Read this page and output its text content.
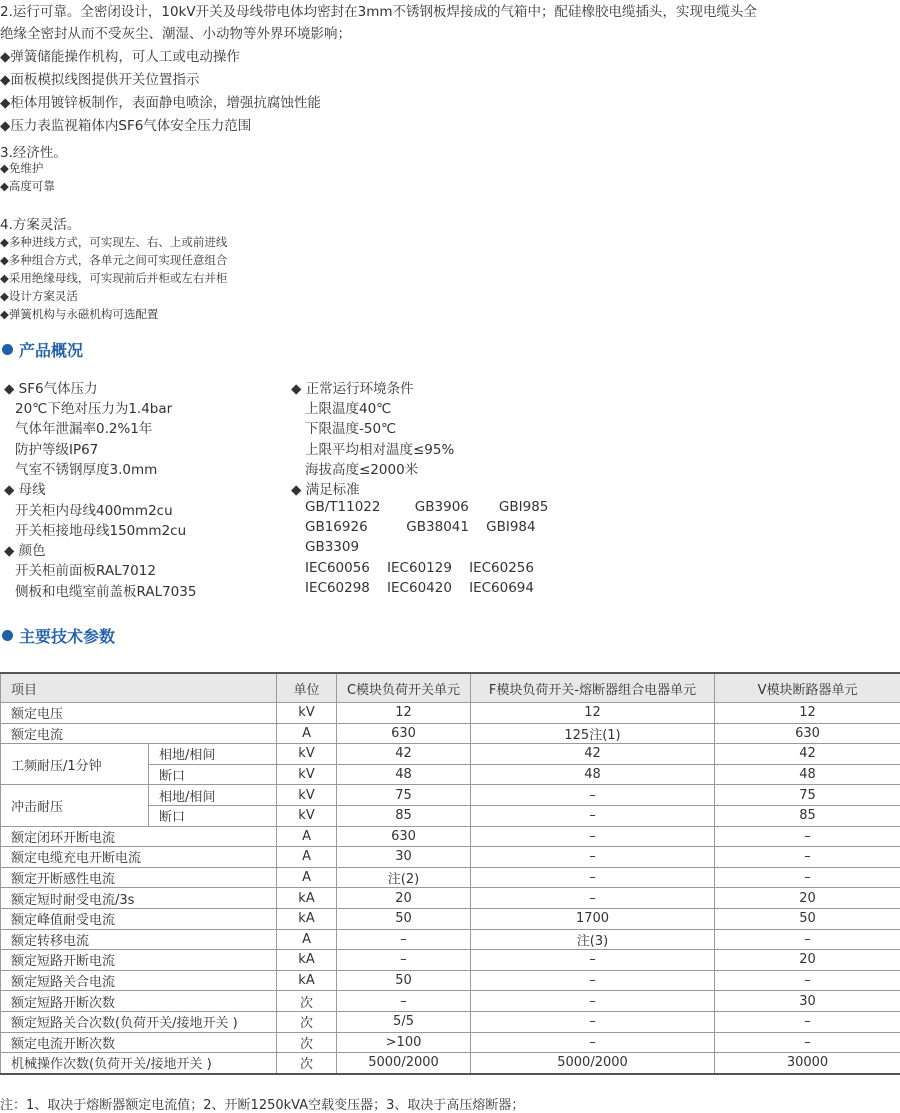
2.运行可靠。全密闭设计，10kV开关及母线带电体均密封在3mm不锈钢板焊接成的气箱中；配硅橡胶电缆插头，实现电缆头全
绝缘全密封从而不受灰尘、潮湿、小动物等外界环境影响；
◆弹簧储能操作机构，可人工或电动操作
◆面板模拟线图提供开关位置指示
◆柜体用镀锌板制作，表面静电喷涂，增强抗腐蚀性能
◆压力表监视箱体内SF6气体安全压力范围
3.经济性。
◆免维护
◆高度可靠
4.方案灵活。
◆多种进线方式，可实现左、右、上或前进线
◆多种组合方式，各单元之间可实现任意组合
◆采用绝缘母线，可实现前后并柜或左右并柜
◆设计方案灵活
◆弹簧机构与永磁机构可选配置
产品概况
◆ SF6气体压力
20℃下绝对压力为1.4bar
气体年泄漏率0.2%1年
防护等级IP67
气室不锈钢厚度3.0mm
◆ 母线
开关柜内母线400mm2cu
开关柜接地母线150mm2cu
◆ 颜色
开关柜前面板RAL7012
侧板和电缆室前盖板RAL7035
◆ 正常运行环境条件
上限温度40℃
下限温度-50℃
上限平均相对温度≤95%
海拔高度≤2000米
◆ 满足标准
GB/T11022        GB3906       GBI985
GB16926         GB38041    GBI984
GB3309
IEC60056    IEC60129    IEC60256
IEC60298    IEC60420    IEC60694
主要技术参数
项目		单位	C模块负荷开关单元	F模块负荷开关-熔断器组合电器单元	V模块断路器单元
额定电压		kV	12	12	12
额定电流		A	630	125注(1)	630
工频耐压/1分钟	相地/相间	kV	42	42	42
	断口	kV	48	48	48
冲击耐压	相地/相间	kV	75	–	75
	断口	kV	85	–	85
额定闭环开断电流		A	630	–	–
额定电缆充电开断电流		A	30	–	–
额定开断感性电流		A	注(2)	–	–
额定短时耐受电流/3s		kA	20	–	20
额定峰值耐受电流		kA	50	1700	50
额定转移电流		A	–	注(3)	–
额定短路开断电流		kA	–	–	20
额定短路关合电流		kA	50	–	–
额定短路开断次数		次	–	–	30
额定短路关合次数(负荷开关/接地开关 )		次	5/5	–	–
额定电流开断次数		次	>100	–	–
机械操作次数(负荷开关/接地开关 )		次	5000/2000	5000/2000	30000
注：1、取决于熔断器额定电流值；2、开断1250kVA空载变压器；3、取决于高压熔断器；
